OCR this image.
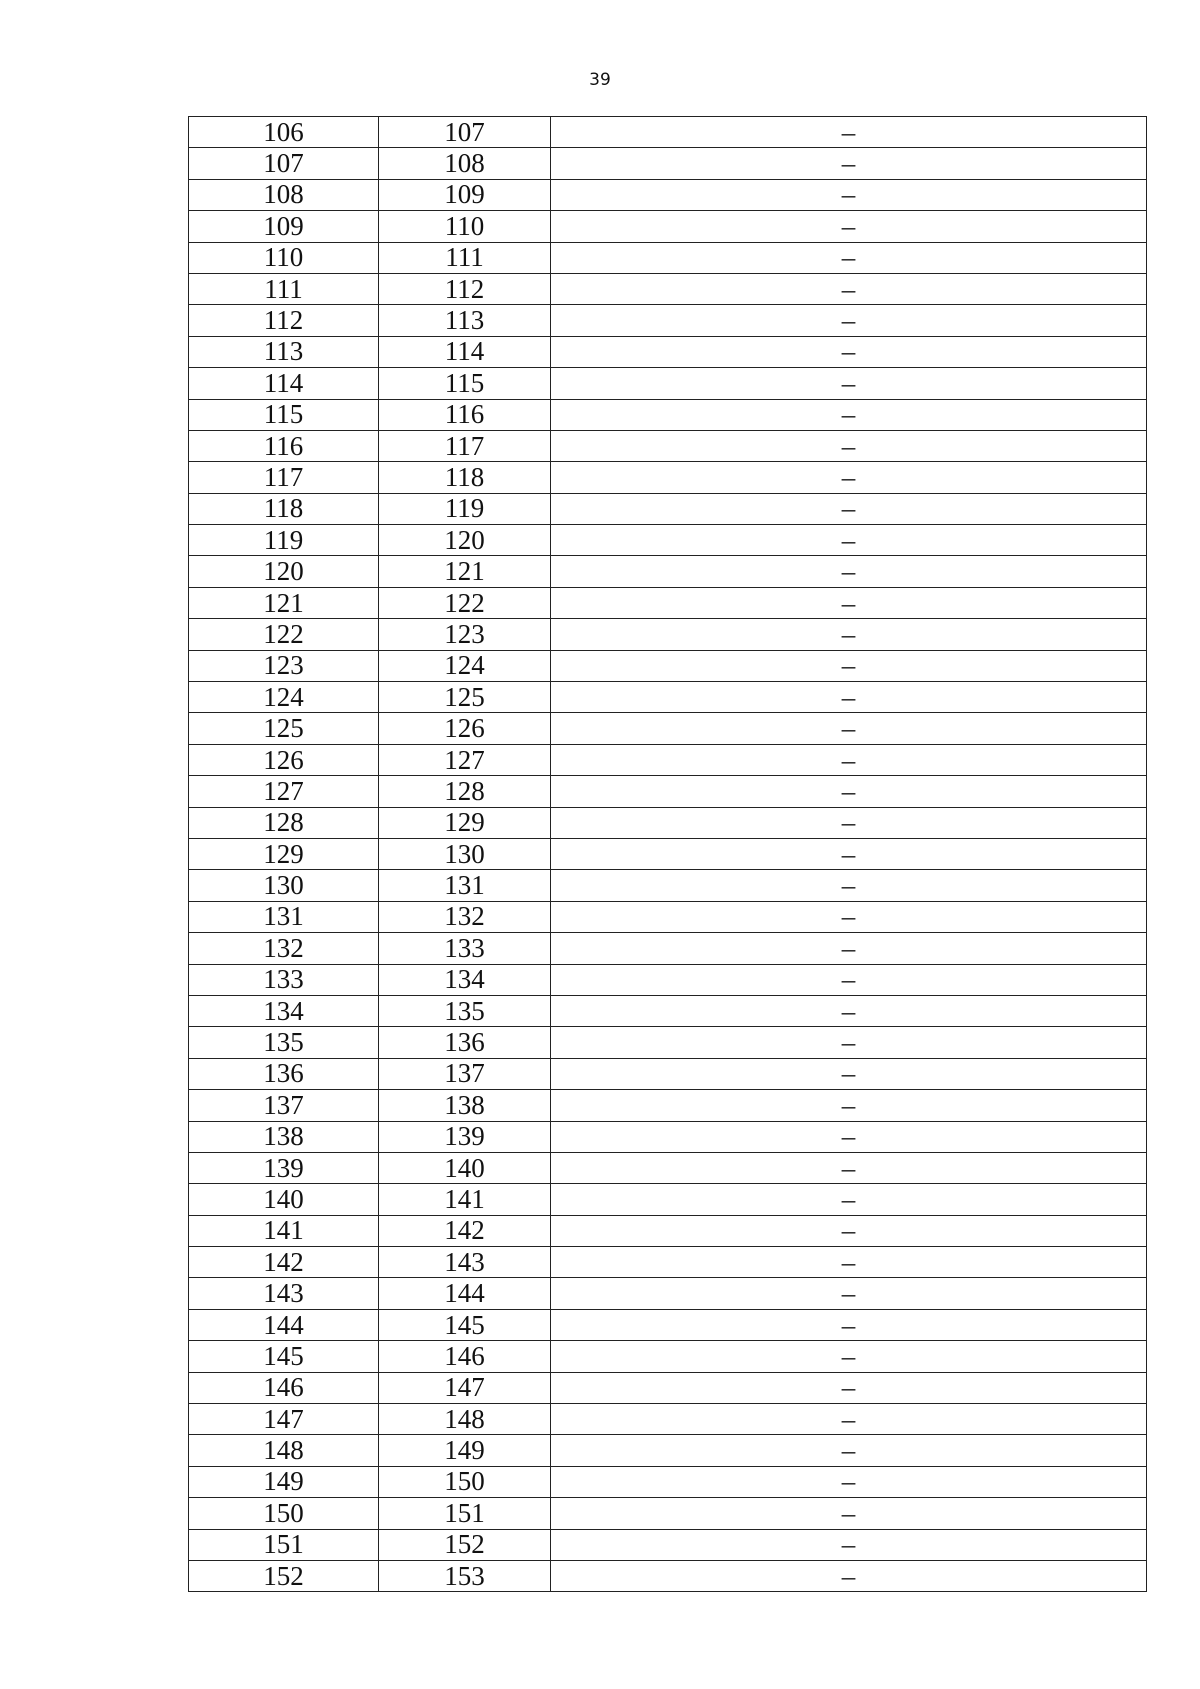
39
106	107	–
107	108	–
108	109	–
109	110	–
110	111	–
111	112	–
112	113	–
113	114	–
114	115	–
115	116	–
116	117	–
117	118	–
118	119	–
119	120	–
120	121	–
121	122	–
122	123	–
123	124	–
124	125	–
125	126	–
126	127	–
127	128	–
128	129	–
129	130	–
130	131	–
131	132	–
132	133	–
133	134	–
134	135	–
135	136	–
136	137	–
137	138	–
138	139	–
139	140	–
140	141	–
141	142	–
142	143	–
143	144	–
144	145	–
145	146	–
146	147	–
147	148	–
148	149	–
149	150	–
150	151	–
151	152	–
152	153	–
